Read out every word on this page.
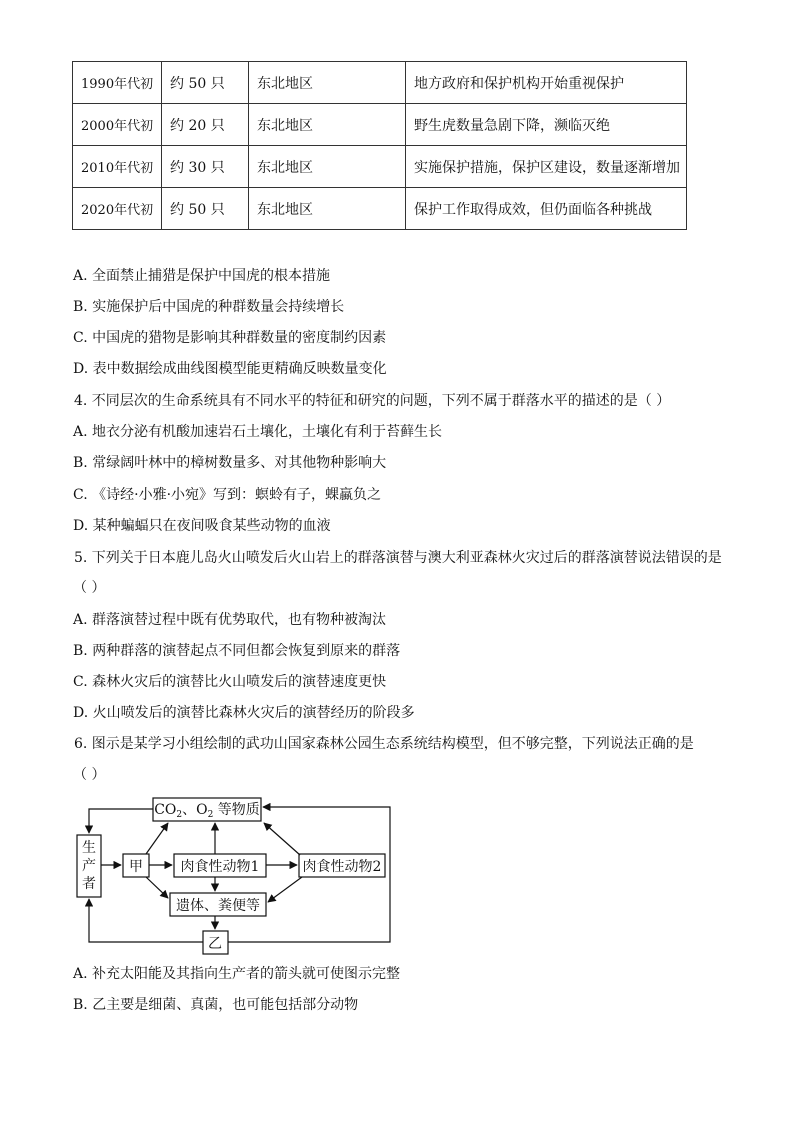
1990年代初	约 50 只	东北地区	地方政府和保护机构开始重视保护
2000年代初	约 20 只	东北地区	野生虎数量急剧下降，濒临灭绝
2010年代初	约 30 只	东北地区	实施保护措施，保护区建设，数量逐渐增加
2020年代初	约 50 只	东北地区	保护工作取得成效，但仍面临各种挑战
A. 全面禁止捕猎是保护中国虎的根本措施
B. 实施保护后中国虎的种群数量会持续增长
C. 中国虎的猎物是影响其种群数量的密度制约因素
D. 表中数据绘成曲线图模型能更精确反映数量变化
4. 不同层次的生命系统具有不同水平的特征和研究的问题，下列不属于群落水平的描述的是（ ）
A. 地衣分泌有机酸加速岩石土壤化，土壤化有利于苔藓生长
B. 常绿阔叶林中的樟树数量多、对其他物种影响大
C. 《诗经·小雅·小宛》写到：螟蛉有子，蜾蠃负之
D. 某种蝙蝠只在夜间吸食某些动物的血液
5. 下列关于日本鹿儿岛火山喷发后火山岩上的群落演替与澳大利亚森林火灾过后的群落演替说法错误的是
（ ）
A. 群落演替过程中既有优势取代，也有物种被淘汰
B. 两种群落的演替起点不同但都会恢复到原来的群落
C. 森林火灾后的演替比火山喷发后的演替速度更快
D. 火山喷发后的演替比森林火灾后的演替经历的阶段多
6. 图示是某学习小组绘制的武功山国家森林公园生态系统结构模型，但不够完整，下列说法正确的是
（ ）
$CO_2$、$O_2$ 等物质
生
产
者
甲	肉食性动物1	肉食性动物2
遗体、粪便等
乙
A. 补充太阳能及其指向生产者的箭头就可使图示完整
B. 乙主要是细菌、真菌，也可能包括部分动物
